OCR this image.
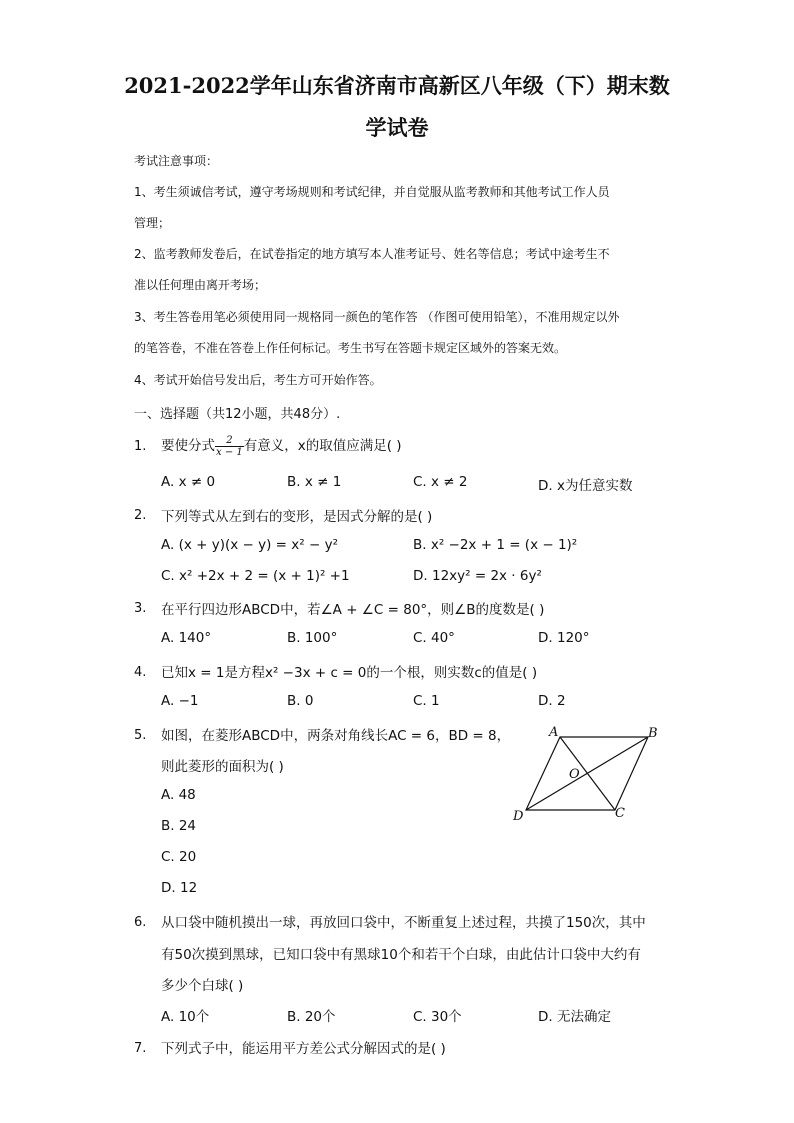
2021-2022学年山东省济南市高新区八年级（下）期末数
学试卷
考试注意事项：
1、考生须诚信考试，遵守考场规则和考试纪律，并自觉服从监考教师和其他考试工作人员
管理；
2、监考教师发卷后，在试卷指定的地方填写本人准考证号、姓名等信息；考试中途考生不
准以任何理由离开考场；
3、考生答卷用笔必须使用同一规格同一颜色的笔作答 （作图可使用铅笔），不准用规定以外
的笔答卷，不准在答卷上作任何标记。考生书写在答题卡规定区域外的答案无效。
4、考试开始信号发出后，考生方可开始作答。
一、选择题（共12小题，共48分）.
1. 要使分式 $\frac{2}{x - 1}$ 有意义，x的取值应满足( )
A. x ≠ 0	B. x ≠ 1	C. x ≠ 2	D. x为任意实数
2. 下列等式从左到右的变形，是因式分解的是( )
A. (x + y)(x − y) = x² − y²	B. x² −2x + 1 = (x − 1)²
C. x² +2x + 2 = (x + 1)² +1	D. 12xy² = 2x · 6y²
3. 在平行四边形ABCD中，若∠A + ∠C = 80°，则∠B的度数是( )
A. 140°	B. 100°	C. 40°	D. 120°
4. 已知x = 1是方程x² −3x + c = 0的一个根，则实数c的值是( )
A. −1	B. 0	C. 1	D. 2
5. 如图，在菱形ABCD中，两条对角线长AC = 6，BD = 8，
则此菱形的面积为( )
A. 48
B. 24
C. 20
D. 12
A	B
C
D
O
6. 从口袋中随机摸出一球，再放回口袋中，不断重复上述过程，共摸了150次，其中
有50次摸到黑球，已知口袋中有黑球10个和若干个白球，由此估计口袋中大约有
多少个白球( )
A. 10个	B. 20个	C. 30个	D. 无法确定
7. 下列式子中，能运用平方差公式分解因式的是( )
